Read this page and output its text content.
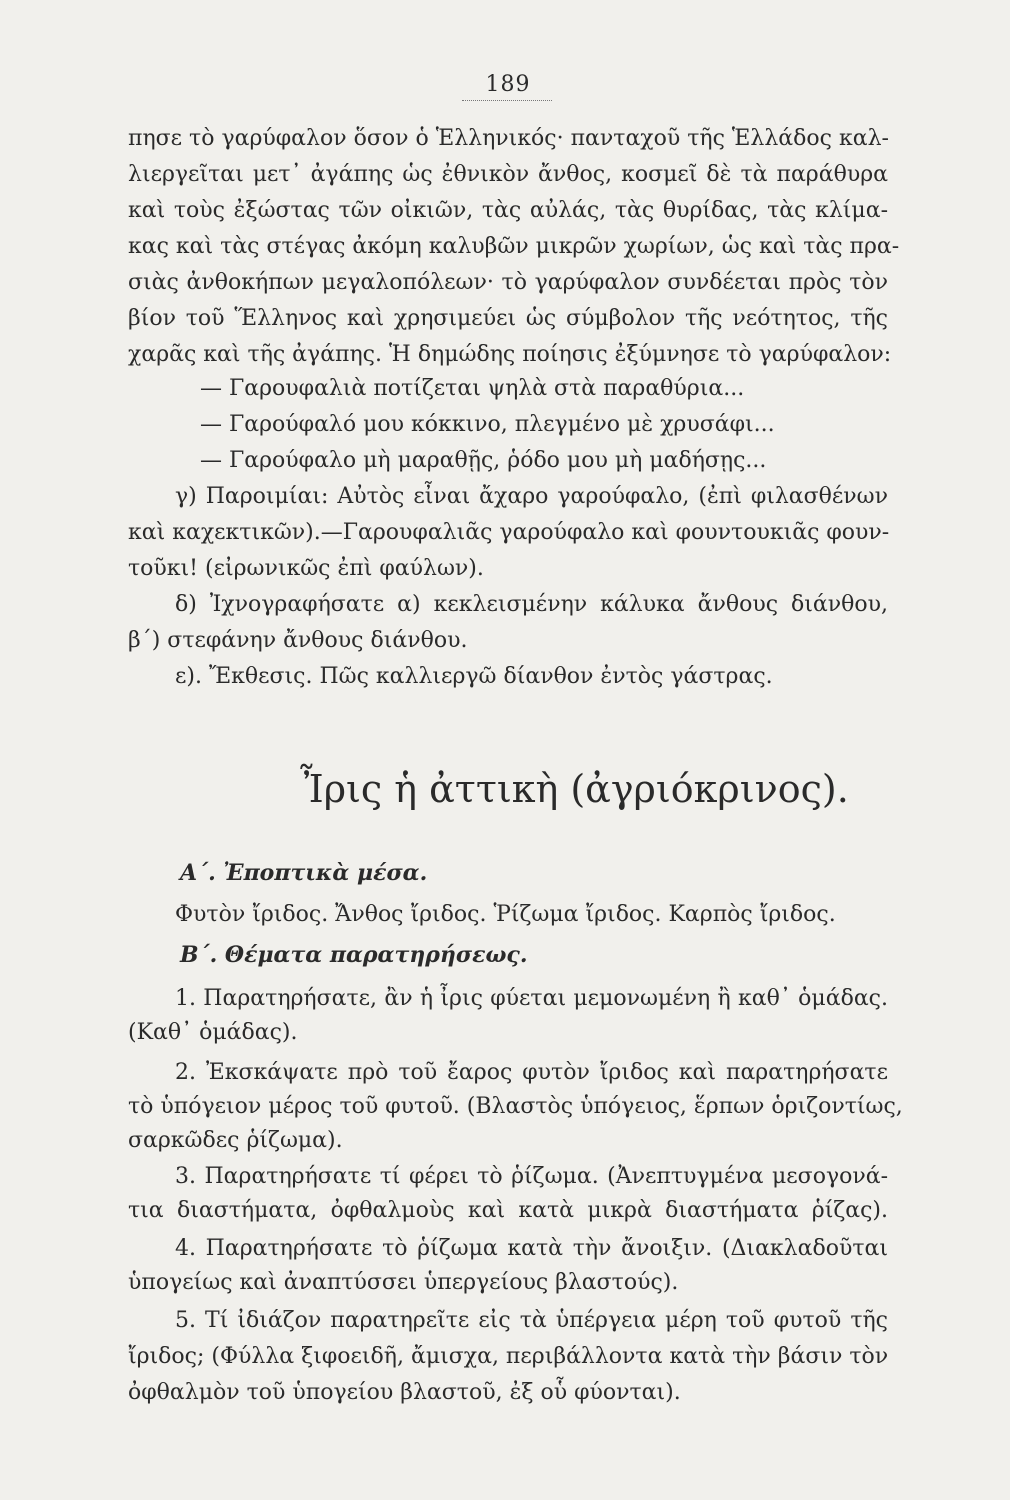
189
πησε τὸ γαρύφαλον ὅσον ὁ Ἑλληνικός· πανταχοῦ τῆς Ἑλλάδος καλ-
λιεργεῖται μετ᾽ ἀγάπης ὡς ἐθνικὸν ἄνθος, κοσμεῖ δὲ τὰ παράθυρα
καὶ τοὺς ἐξώστας τῶν οἰκιῶν, τὰς αὐλάς, τὰς θυρίδας, τὰς κλίμα-
κας καὶ τὰς στέγας ἀκόμη καλυβῶν μικρῶν χωρίων, ὡς καὶ τὰς πρα-
σιὰς ἀνθοκήπων μεγαλοπόλεων· τὸ γαρύφαλον συνδέεται πρὸς τὸν
βίον τοῦ Ἕλληνος καὶ χρησιμεύει ὡς σύμβολον τῆς νεότητος, τῆς
χαρᾶς καὶ τῆς ἀγάπης. Ἡ δημώδης ποίησις ἐξύμνησε τὸ γαρύφαλον:
— Γαρουφαλιὰ ποτίζεται ψηλὰ στὰ παραθύρια...
— Γαρούφαλό μου κόκκινο, πλεγμένο μὲ χρυσάφι...
— Γαρούφαλο μὴ μαραθῇς, ῥόδο μου μὴ μαδήσῃς...
γ) Παροιμίαι: Αὐτὸς εἶναι ἄχαρο γαρούφαλο, (ἐπὶ φιλασθένων
καὶ καχεκτικῶν).—Γαρουφαλιᾶς γαρούφαλο καὶ φουντουκιᾶς φουν-
τοῦκι! (εἰρωνικῶς ἐπὶ φαύλων).
δ) Ἰχνογραφήσατε α) κεκλεισμένην κάλυκα ἄνθους διάνθου,
β´) στεφάνην ἄνθους διάνθου.
ε). Ἔκθεσις. Πῶς καλλιεργῶ δίανθον ἐντὸς γάστρας.
Ἶρις ἡ ἀττικὴ (ἀγριόκρινος).
Α´. Ἐποπτικὰ μέσα.
Φυτὸν ἴριδος. Ἄνθος ἴριδος. Ῥίζωμα ἴριδος. Καρπὸς ἴριδος.
Β´. Θέματα παρατηρήσεως.
1. Παρατηρήσατε, ἂν ἡ ἶρις φύεται μεμονωμένη ἢ καθ᾽ ὁμάδας.
(Καθ᾽ ὁμάδας).
2. Ἐκσκάψατε πρὸ τοῦ ἔαρος φυτὸν ἴριδος καὶ παρατηρήσατε
τὸ ὑπόγειον μέρος τοῦ φυτοῦ. (Βλαστὸς ὑπόγειος, ἕρπων ὁριζοντίως,
σαρκῶδες ῥίζωμα).
3. Παρατηρήσατε τί φέρει τὸ ῥίζωμα. (Ἀνεπτυγμένα μεσογονά-
τια διαστήματα, ὀφθαλμοὺς καὶ κατὰ μικρὰ διαστήματα ῥίζας).
4. Παρατηρήσατε τὸ ῥίζωμα κατὰ τὴν ἄνοιξιν. (Διακλαδοῦται
ὑπογείως καὶ ἀναπτύσσει ὑπεργείους βλαστούς).
5. Τί ἰδιάζον παρατηρεῖτε εἰς τὰ ὑπέργεια μέρη τοῦ φυτοῦ τῆς
ἴριδος; (Φύλλα ξιφοειδῆ, ἄμισχα, περιβάλλοντα κατὰ τὴν βάσιν τὸν
ὀφθαλμὸν τοῦ ὑπογείου βλαστοῦ, ἐξ οὗ φύονται).
